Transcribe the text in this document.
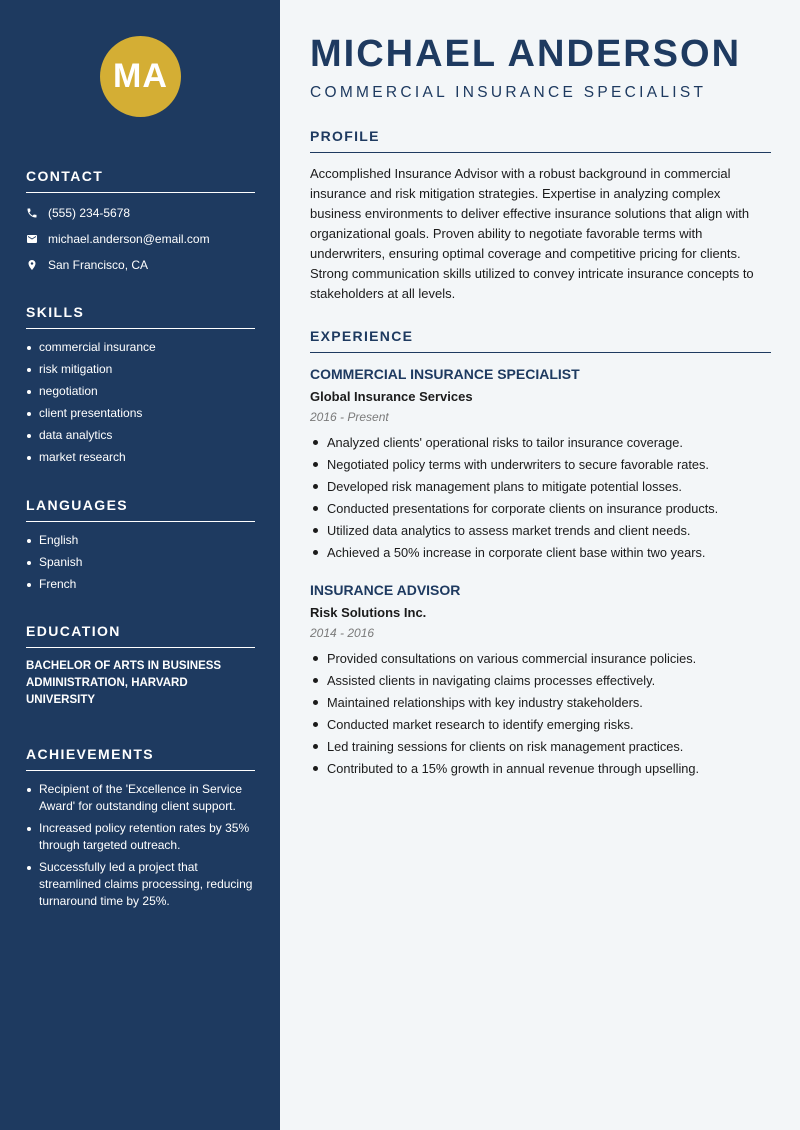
MA
CONTACT
(555) 234-5678
michael.anderson@email.com
San Francisco, CA
SKILLS
commercial insurance
risk mitigation
negotiation
client presentations
data analytics
market research
LANGUAGES
English
Spanish
French
EDUCATION
BACHELOR OF ARTS IN BUSINESS ADMINISTRATION, HARVARD UNIVERSITY
ACHIEVEMENTS
Recipient of the 'Excellence in Service Award' for outstanding client support.
Increased policy retention rates by 35% through targeted outreach.
Successfully led a project that streamlined claims processing, reducing turnaround time by 25%.
MICHAEL ANDERSON
COMMERCIAL INSURANCE SPECIALIST
PROFILE

Accomplished Insurance Advisor with a robust background in commercial insurance and risk mitigation strategies. Expertise in analyzing complex business environments to deliver effective insurance solutions that align with organizational goals. Proven ability to negotiate favorable terms with underwriters, ensuring optimal coverage and competitive pricing for clients. Strong communication skills utilized to convey intricate insurance concepts to stakeholders at all levels.

EXPERIENCE
COMMERCIAL INSURANCE SPECIALIST
Global Insurance Services
2016 - Present
Analyzed clients' operational risks to tailor insurance coverage.
Negotiated policy terms with underwriters to secure favorable rates.
Developed risk management plans to mitigate potential losses.
Conducted presentations for corporate clients on insurance products.
Utilized data analytics to assess market trends and client needs.
Achieved a 50% increase in corporate client base within two years.
INSURANCE ADVISOR
Risk Solutions Inc.
2014 - 2016
Provided consultations on various commercial insurance policies.
Assisted clients in navigating claims processes effectively.
Maintained relationships with key industry stakeholders.
Conducted market research to identify emerging risks.
Led training sessions for clients on risk management practices.
Contributed to a 15% growth in annual revenue through upselling.
